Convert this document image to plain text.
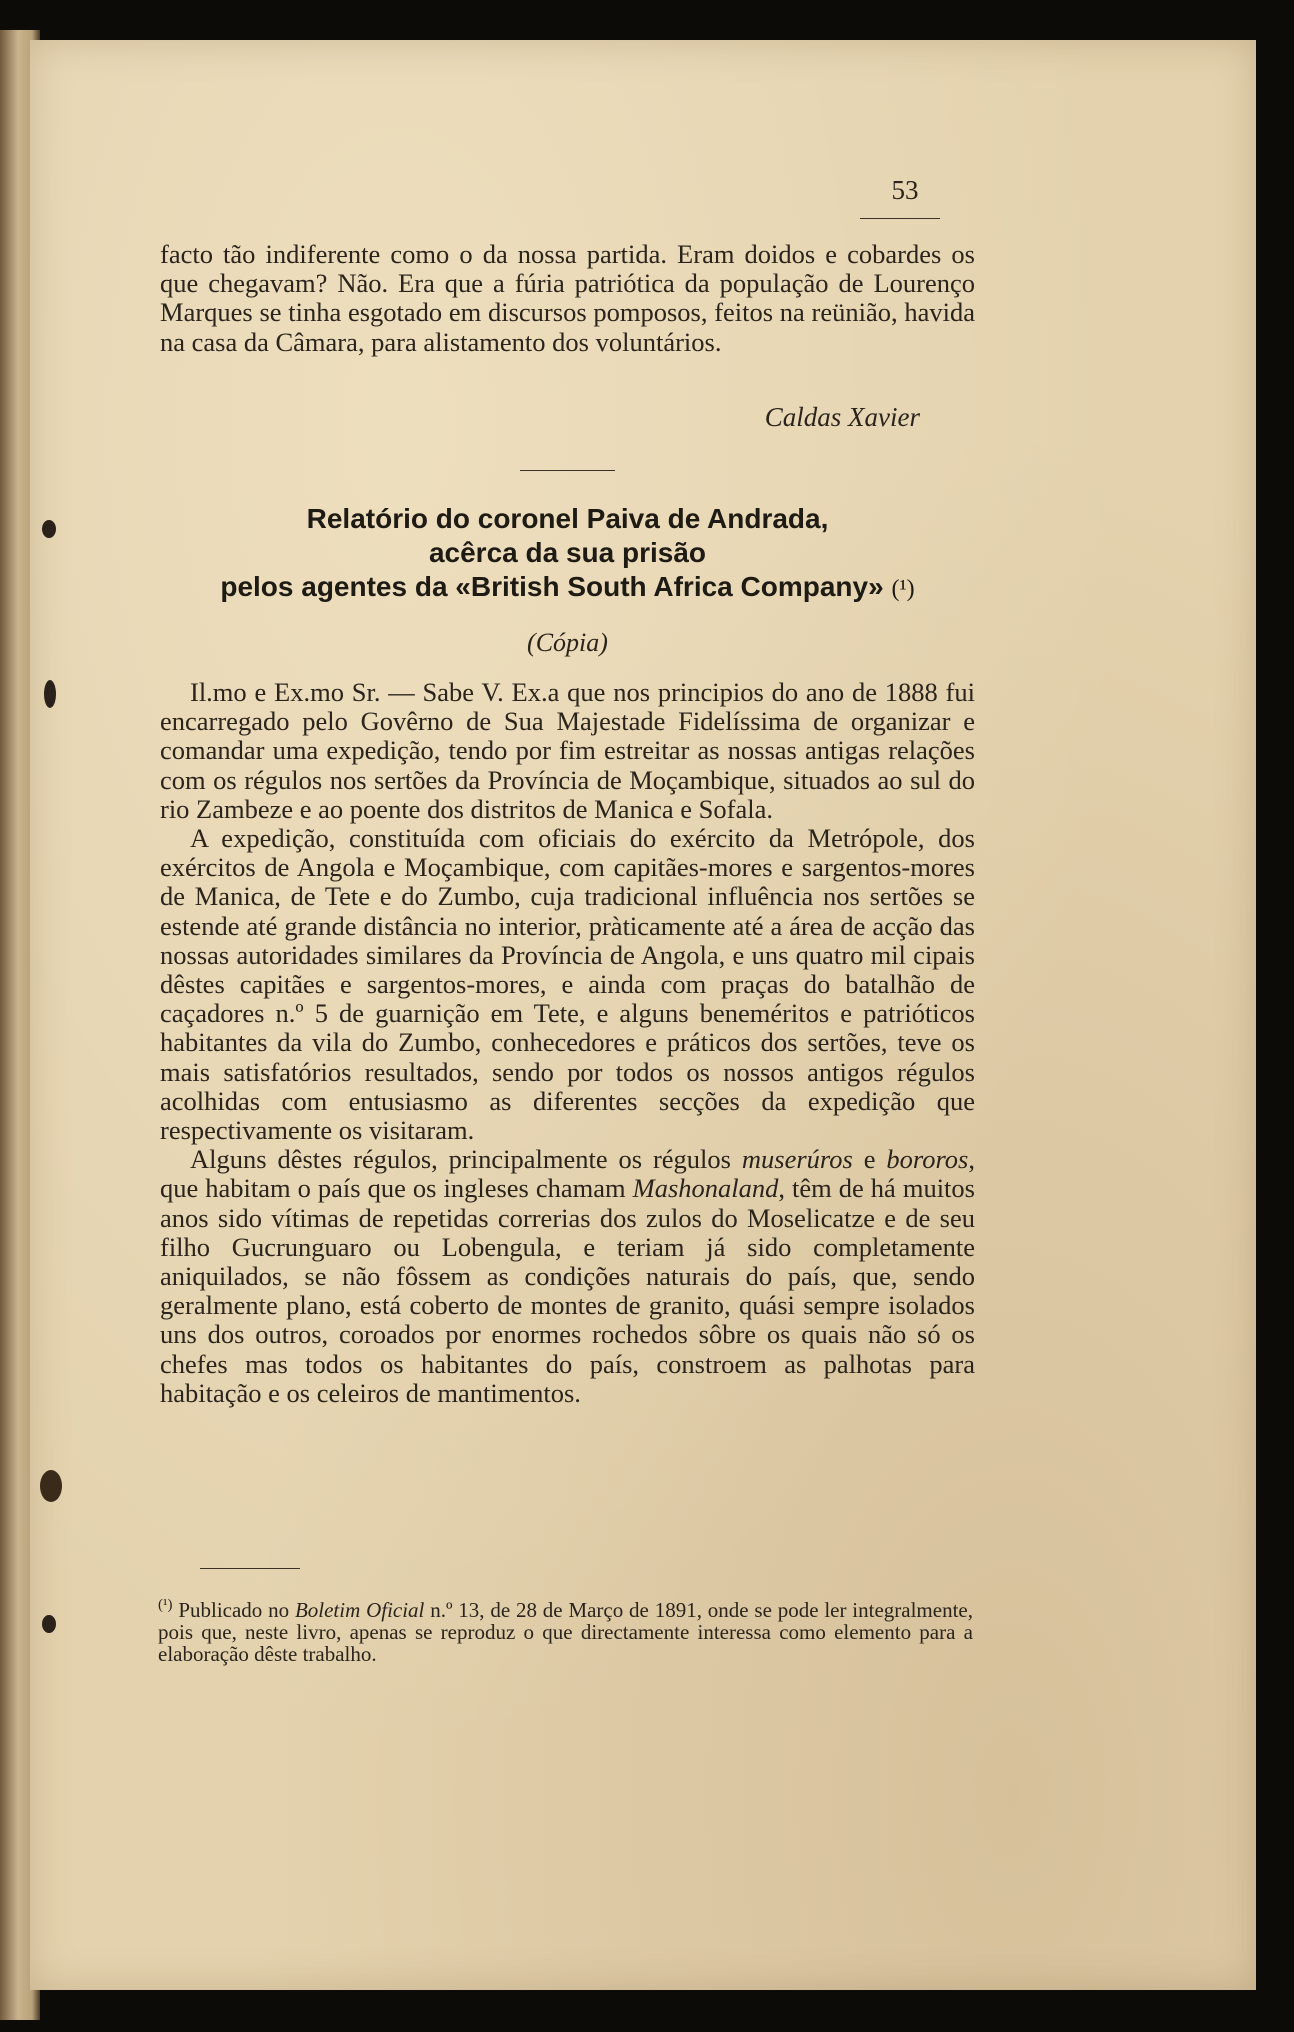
53

facto tão indiferente como o da nossa partida. Eram doidos e cobardes os que chegavam? Não. Era que a fúria patriótica da população de Lourenço Marques se tinha esgotado em discursos pomposos, feitos na reünião, havida na casa da Câmara, para alistamento dos voluntários.

Caldas Xavier
Relatório do coronel Paiva de Andrada,
acêrca da sua prisão
pelos agentes da «British South Africa Company» (¹)
(Cópia)

Il.mo e Ex.mo Sr. — Sabe V. Ex.a que nos principios do ano de 1888 fui encarregado pelo Govêrno de Sua Majestade Fidelíssima de organizar e comandar uma expedição, tendo por fim estreitar as nossas antigas relações com os régulos nos sertões da Província de Moçambique, situados ao sul do rio Zambeze e ao poente dos distritos de Manica e Sofala.

A expedição, constituída com oficiais do exército da Metrópole, dos exércitos de Angola e Moçambique, com capitães-mores e sargentos-mores de Manica, de Tete e do Zumbo, cuja tradicional influência nos sertões se estende até grande distância no interior, pràticamente até a área de acção das nossas autoridades similares da Província de Angola, e uns quatro mil cipais dêstes capitães e sargentos-mores, e ainda com praças do batalhão de caçadores n.º 5 de guarnição em Tete, e alguns beneméritos e patrióticos habitantes da vila do Zumbo, conhecedores e práticos dos sertões, teve os mais satisfatórios resultados, sendo por todos os nossos antigos régulos acolhidas com entusiasmo as diferentes secções da expedição que respectivamente os visitaram.

Alguns dêstes régulos, principalmente os régulos muserúros e bororos, que habitam o país que os ingleses chamam Mashonaland, têm de há muitos anos sido vítimas de repetidas correrias dos zulos do Moselicatze e de seu filho Gucrunguaro ou Lobengula, e teriam já sido completamente aniquilados, se não fôssem as condições naturais do país, que, sendo geralmente plano, está coberto de montes de granito, quási sempre isolados uns dos outros, coroados por enormes rochedos sôbre os quais não só os chefes mas todos os habitantes do país, constroem as palhotas para habitação e os celeiros de mantimentos.

$^{(^1)}$ Publicado no Boletim Oficial n.º 13, de 28 de Março de 1891, onde se pode ler integralmente, pois que, neste livro, apenas se reproduz o que directamente interessa como elemento para a elaboração dêste trabalho.
